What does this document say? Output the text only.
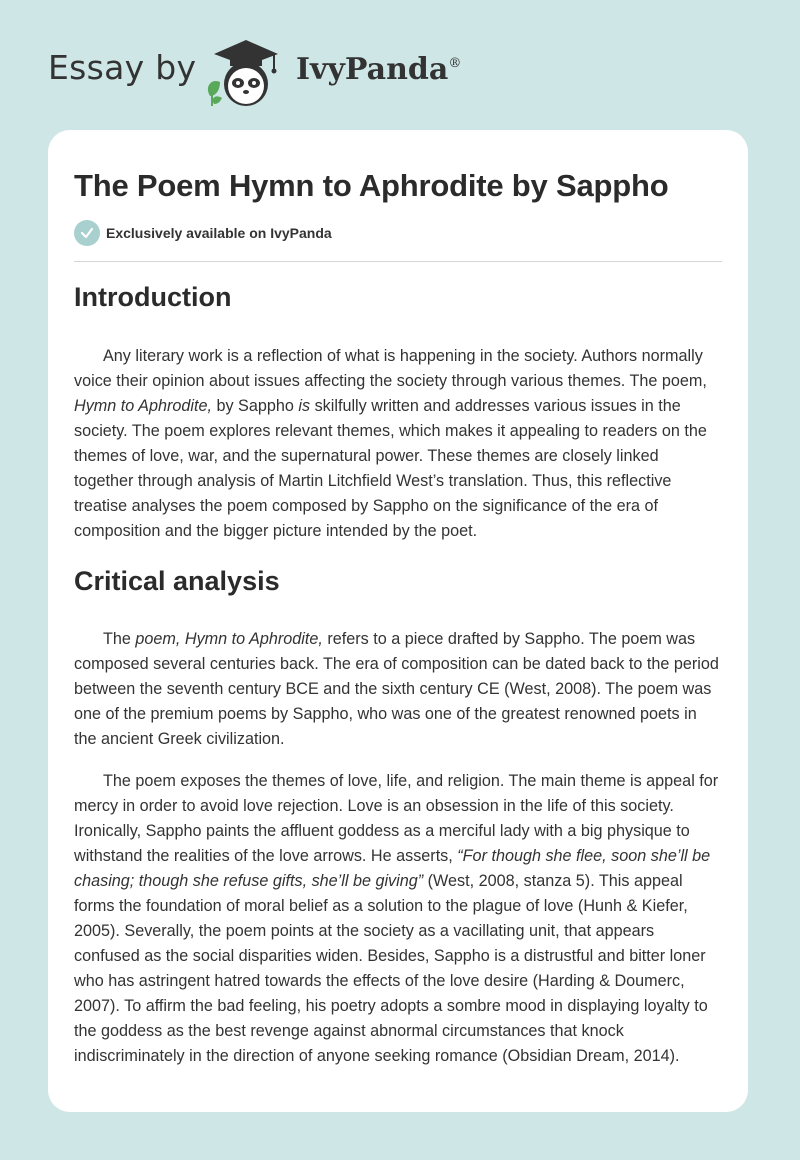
Essay by	IvyPanda®
The Poem Hymn to Aphrodite by Sappho
Exclusively available on IvyPanda
Introduction

Any literary work is a reflection of what is happening in the society. Authors normally voice their opinion about issues affecting the society through various themes. The poem, Hymn to Aphrodite, by Sappho is skilfully written and addresses various issues in the society. The poem explores relevant themes, which makes it appealing to readers on the themes of love, war, and the supernatural power. These themes are closely linked together through analysis of Martin Litchfield West’s translation. Thus, this reflective treatise analyses the poem composed by Sappho on the significance of the era of composition and the bigger picture intended by the poet.

Critical analysis

The poem, Hymn to Aphrodite, refers to a piece drafted by Sappho. The poem was composed several centuries back. The era of composition can be dated back to the period between the seventh century BCE and the sixth century CE (West, 2008). The poem was one of the premium poems by Sappho, who was one of the greatest renowned poets in the ancient Greek civilization.

The poem exposes the themes of love, life, and religion. The main theme is appeal for mercy in order to avoid love rejection. Love is an obsession in the life of this society. Ironically, Sappho paints the affluent goddess as a merciful lady with a big physique to withstand the realities of the love arrows. He asserts, “For though she flee, soon she’ll be chasing; though she refuse gifts, she’ll be giving” (West, 2008, stanza 5). This appeal forms the foundation of moral belief as a solution to the plague of love (Hunh & Kiefer, 2005). Severally, the poem points at the society as a vacillating unit, that appears confused as the social disparities widen. Besides, Sappho is a distrustful and bitter loner who has astringent hatred towards the effects of the love desire (Harding & Doumerc, 2007). To affirm the bad feeling, his poetry adopts a sombre mood in displaying loyalty to the goddess as the best revenge against abnormal circumstances that knock indiscriminately in the direction of anyone seeking romance (Obsidian Dream, 2014).
